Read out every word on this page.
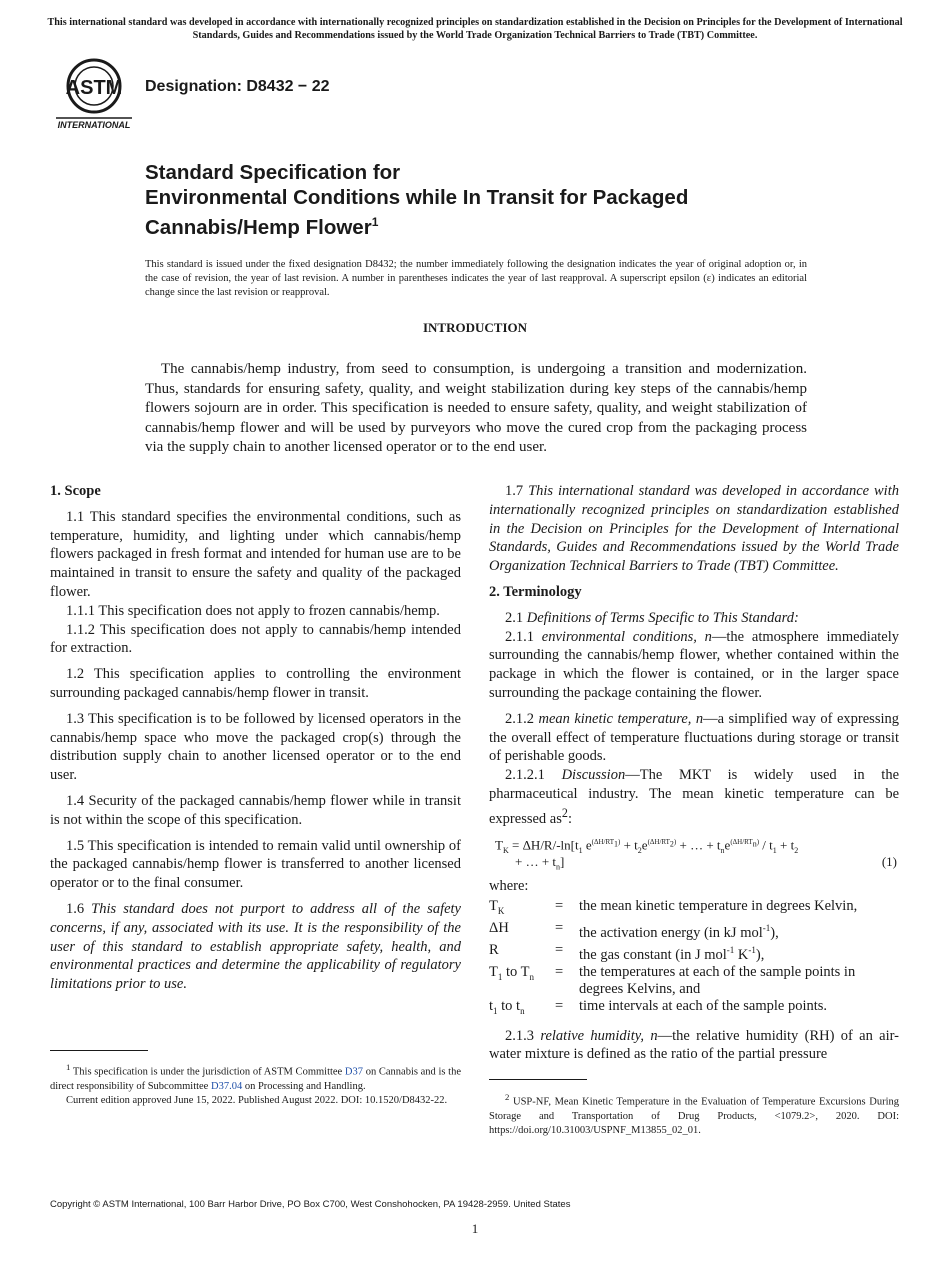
This international standard was developed in accordance with internationally recognized principles on standardization established in the Decision on Principles for the Development of International Standards, Guides and Recommendations issued by the World Trade Organization Technical Barriers to Trade (TBT) Committee.
ASTM
INTERNATIONAL
Designation: D8432 − 22
Standard Specification for
Environmental Conditions while In Transit for Packaged
Cannabis/Hemp Flower$^1$
This standard is issued under the fixed designation D8432; the number immediately following the designation indicates the year of original adoption or, in the case of revision, the year of last revision. A number in parentheses indicates the year of last reapproval. A superscript epsilon (ε) indicates an editorial change since the last revision or reapproval.
INTRODUCTION
The cannabis/hemp industry, from seed to consumption, is undergoing a transition and modernization. Thus, standards for ensuring safety, quality, and weight stabilization during key steps of the cannabis/hemp flowers sojourn are in order. This specification is needed to ensure safety, quality, and weight stabilization of cannabis/hemp flower and will be used by purveyors who move the cured crop from the packaging process via the supply chain to another licensed operator or to the end user.

1. Scope

1.1 This standard specifies the environmental conditions, such as temperature, humidity, and lighting under which cannabis/hemp flowers packaged in fresh format and intended for human use are to be maintained in transit to ensure the safety and quality of the packaged flower.

1.1.1 This specification does not apply to frozen cannabis/hemp.

1.1.2 This specification does not apply to cannabis/hemp intended for extraction.

1.2 This specification applies to controlling the environment surrounding packaged cannabis/hemp flower in transit.

1.3 This specification is to be followed by licensed operators in the cannabis/hemp space who move the packaged crop(s) through the distribution supply chain to another licensed operator or to the end user.

1.4 Security of the packaged cannabis/hemp flower while in transit is not within the scope of this specification.

1.5 This specification is intended to remain valid until ownership of the packaged cannabis/hemp flower is transferred to another licensed operator or to the final consumer.

1.6 This standard does not purport to address all of the safety concerns, if any, associated with its use. It is the responsibility of the user of this standard to establish appropriate safety, health, and environmental practices and determine the applicability of regulatory limitations prior to use.

$^1$ This specification is under the jurisdiction of ASTM Committee D37 on Cannabis and is the direct responsibility of Subcommittee D37.04 on Processing and Handling.
Current edition approved June 15, 2022. Published August 2022. DOI: 10.1520/D8432-22.

1.7 This international standard was developed in accordance with internationally recognized principles on standardization established in the Decision on Principles for the Development of International Standards, Guides and Recommendations issued by the World Trade Organization Technical Barriers to Trade (TBT) Committee.

2. Terminology

2.1 Definitions of Terms Specific to This Standard:

2.1.1 environmental conditions, n—the atmosphere immediately surrounding the cannabis/hemp flower, whether contained within the package in which the flower is contained, or in the larger space surrounding the package containing the flower.

2.1.2 mean kinetic temperature, n—a simplified way of expressing the overall effect of temperature fluctuations during storage or transit of perishable goods.

2.1.2.1 Discussion—The MKT is widely used in the pharmaceutical industry. The mean kinetic temperature can be expressed $as^2$:

$T_K = \Delta H/R/-\ln[t_1$ $e^{(\Delta H/RT_1)} + t_2e^{(\Delta H/RT_2)}$ + … + $t_ne^{(\Delta H/RT_n)} / t_1 + t_2$
+ … + $t_n$]	(1)

where:

$T_K$	=	the mean kinetic temperature in degrees Kelvin,
ΔH	=	the activation energy (in kJ mol$^{-1}$),
R	=	the gas constant (in J mol$^{-1}$ $K^{-1}$),
$T_1$ to $T_n$	=	the temperatures at each of the sample points in degrees Kelvins, and
$t_1$ to $t_n$	=	time intervals at each of the sample points.

2.1.3 relative humidity, n—the relative humidity (RH) of an air-water mixture is defined as the ratio of the partial pressure

$^2$ USP-NF, Mean Kinetic Temperature in the Evaluation of Temperature Excursions During Storage and Transportation of Drug Products, <1079.2>, 2020. DOI: https://doi.org/10.31003/USPNF_M13855_02_01.
Copyright © ASTM International, 100 Barr Harbor Drive, PO Box C700, West Conshohocken, PA 19428-2959. United States
1
